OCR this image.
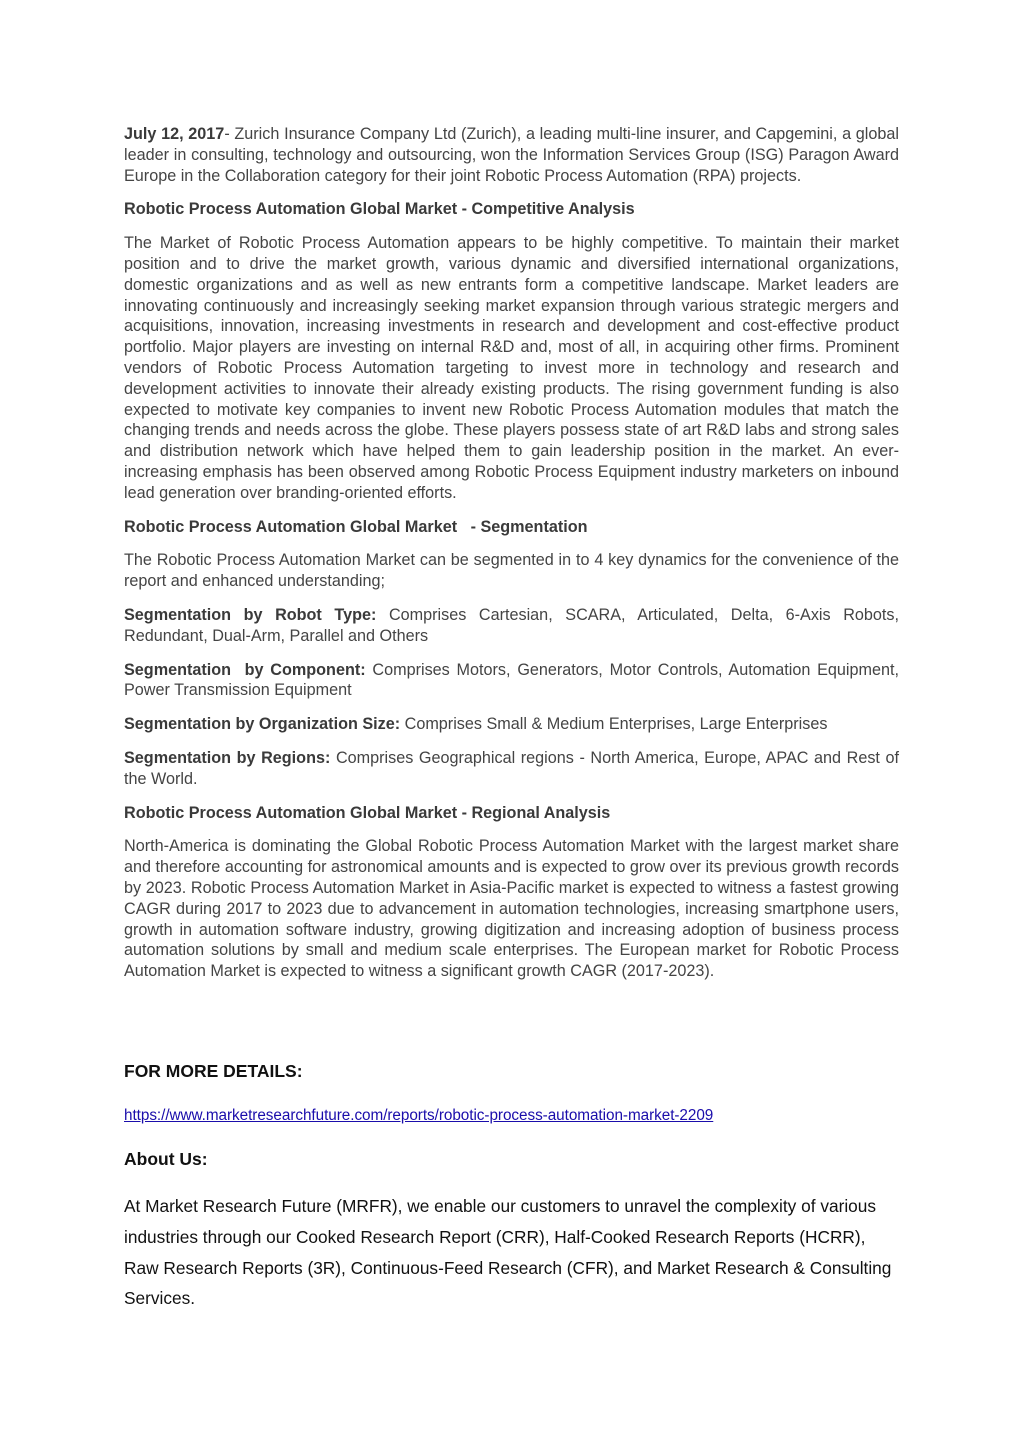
July 12, 2017- Zurich Insurance Company Ltd (Zurich), a leading multi-line insurer, and Capgemini, a global leader in consulting, technology and outsourcing, won the Information Services Group (ISG) Paragon Award Europe in the Collaboration category for their joint Robotic Process Automation (RPA) projects.

Robotic Process Automation Global Market - Competitive Analysis

The Market of Robotic Process Automation appears to be highly competitive. To maintain their market position and to drive the market growth, various dynamic and diversified international organizations, domestic organizations and as well as new entrants form a competitive landscape. Market leaders are innovating continuously and increasingly seeking market expansion through various strategic mergers and acquisitions, innovation, increasing investments in research and development and cost-effective product portfolio. Major players are investing on internal R&D and, most of all, in acquiring other firms. Prominent vendors of Robotic Process Automation targeting to invest more in technology and research and development activities to innovate their already existing products. The rising government funding is also expected to motivate key companies to invent new Robotic Process Automation modules that match the changing trends and needs across the globe. These players possess state of art R&D labs and strong sales and distribution network which have helped them to gain leadership position in the market. An ever-increasing emphasis has been observed among Robotic Process Equipment industry marketers on inbound lead generation over branding-oriented efforts.

Robotic Process Automation Global Market   - Segmentation

The Robotic Process Automation Market can be segmented in to 4 key dynamics for the convenience of the report and enhanced understanding;

Segmentation by Robot Type: Comprises Cartesian, SCARA, Articulated, Delta, 6-Axis Robots, Redundant, Dual-Arm, Parallel and Others

Segmentation  by Component: Comprises Motors, Generators, Motor Controls, Automation Equipment, Power Transmission Equipment

Segmentation by Organization Size: Comprises Small & Medium Enterprises, Large Enterprises

Segmentation by Regions: Comprises Geographical regions - North America, Europe, APAC and Rest of the World.

Robotic Process Automation Global Market - Regional Analysis

North-America is dominating the Global Robotic Process Automation Market with the largest market share and therefore accounting for astronomical amounts and is expected to grow over its previous growth records by 2023. Robotic Process Automation Market in Asia-Pacific market is expected to witness a fastest growing CAGR during 2017 to 2023 due to advancement in automation technologies, increasing smartphone users, growth in automation software industry, growing digitization and increasing adoption of business process automation solutions by small and medium scale enterprises. The European market for Robotic Process Automation Market is expected to witness a significant growth CAGR (2017-2023).

FOR MORE DETAILS:
https://www.marketresearchfuture.com/reports/robotic-process-automation-market-2209
About Us:
At Market Research Future (MRFR), we enable our customers to unravel the complexity of various industries through our Cooked Research Report (CRR), Half-Cooked Research Reports (HCRR), Raw Research Reports (3R), Continuous-Feed Research (CFR), and Market Research & Consulting Services.
